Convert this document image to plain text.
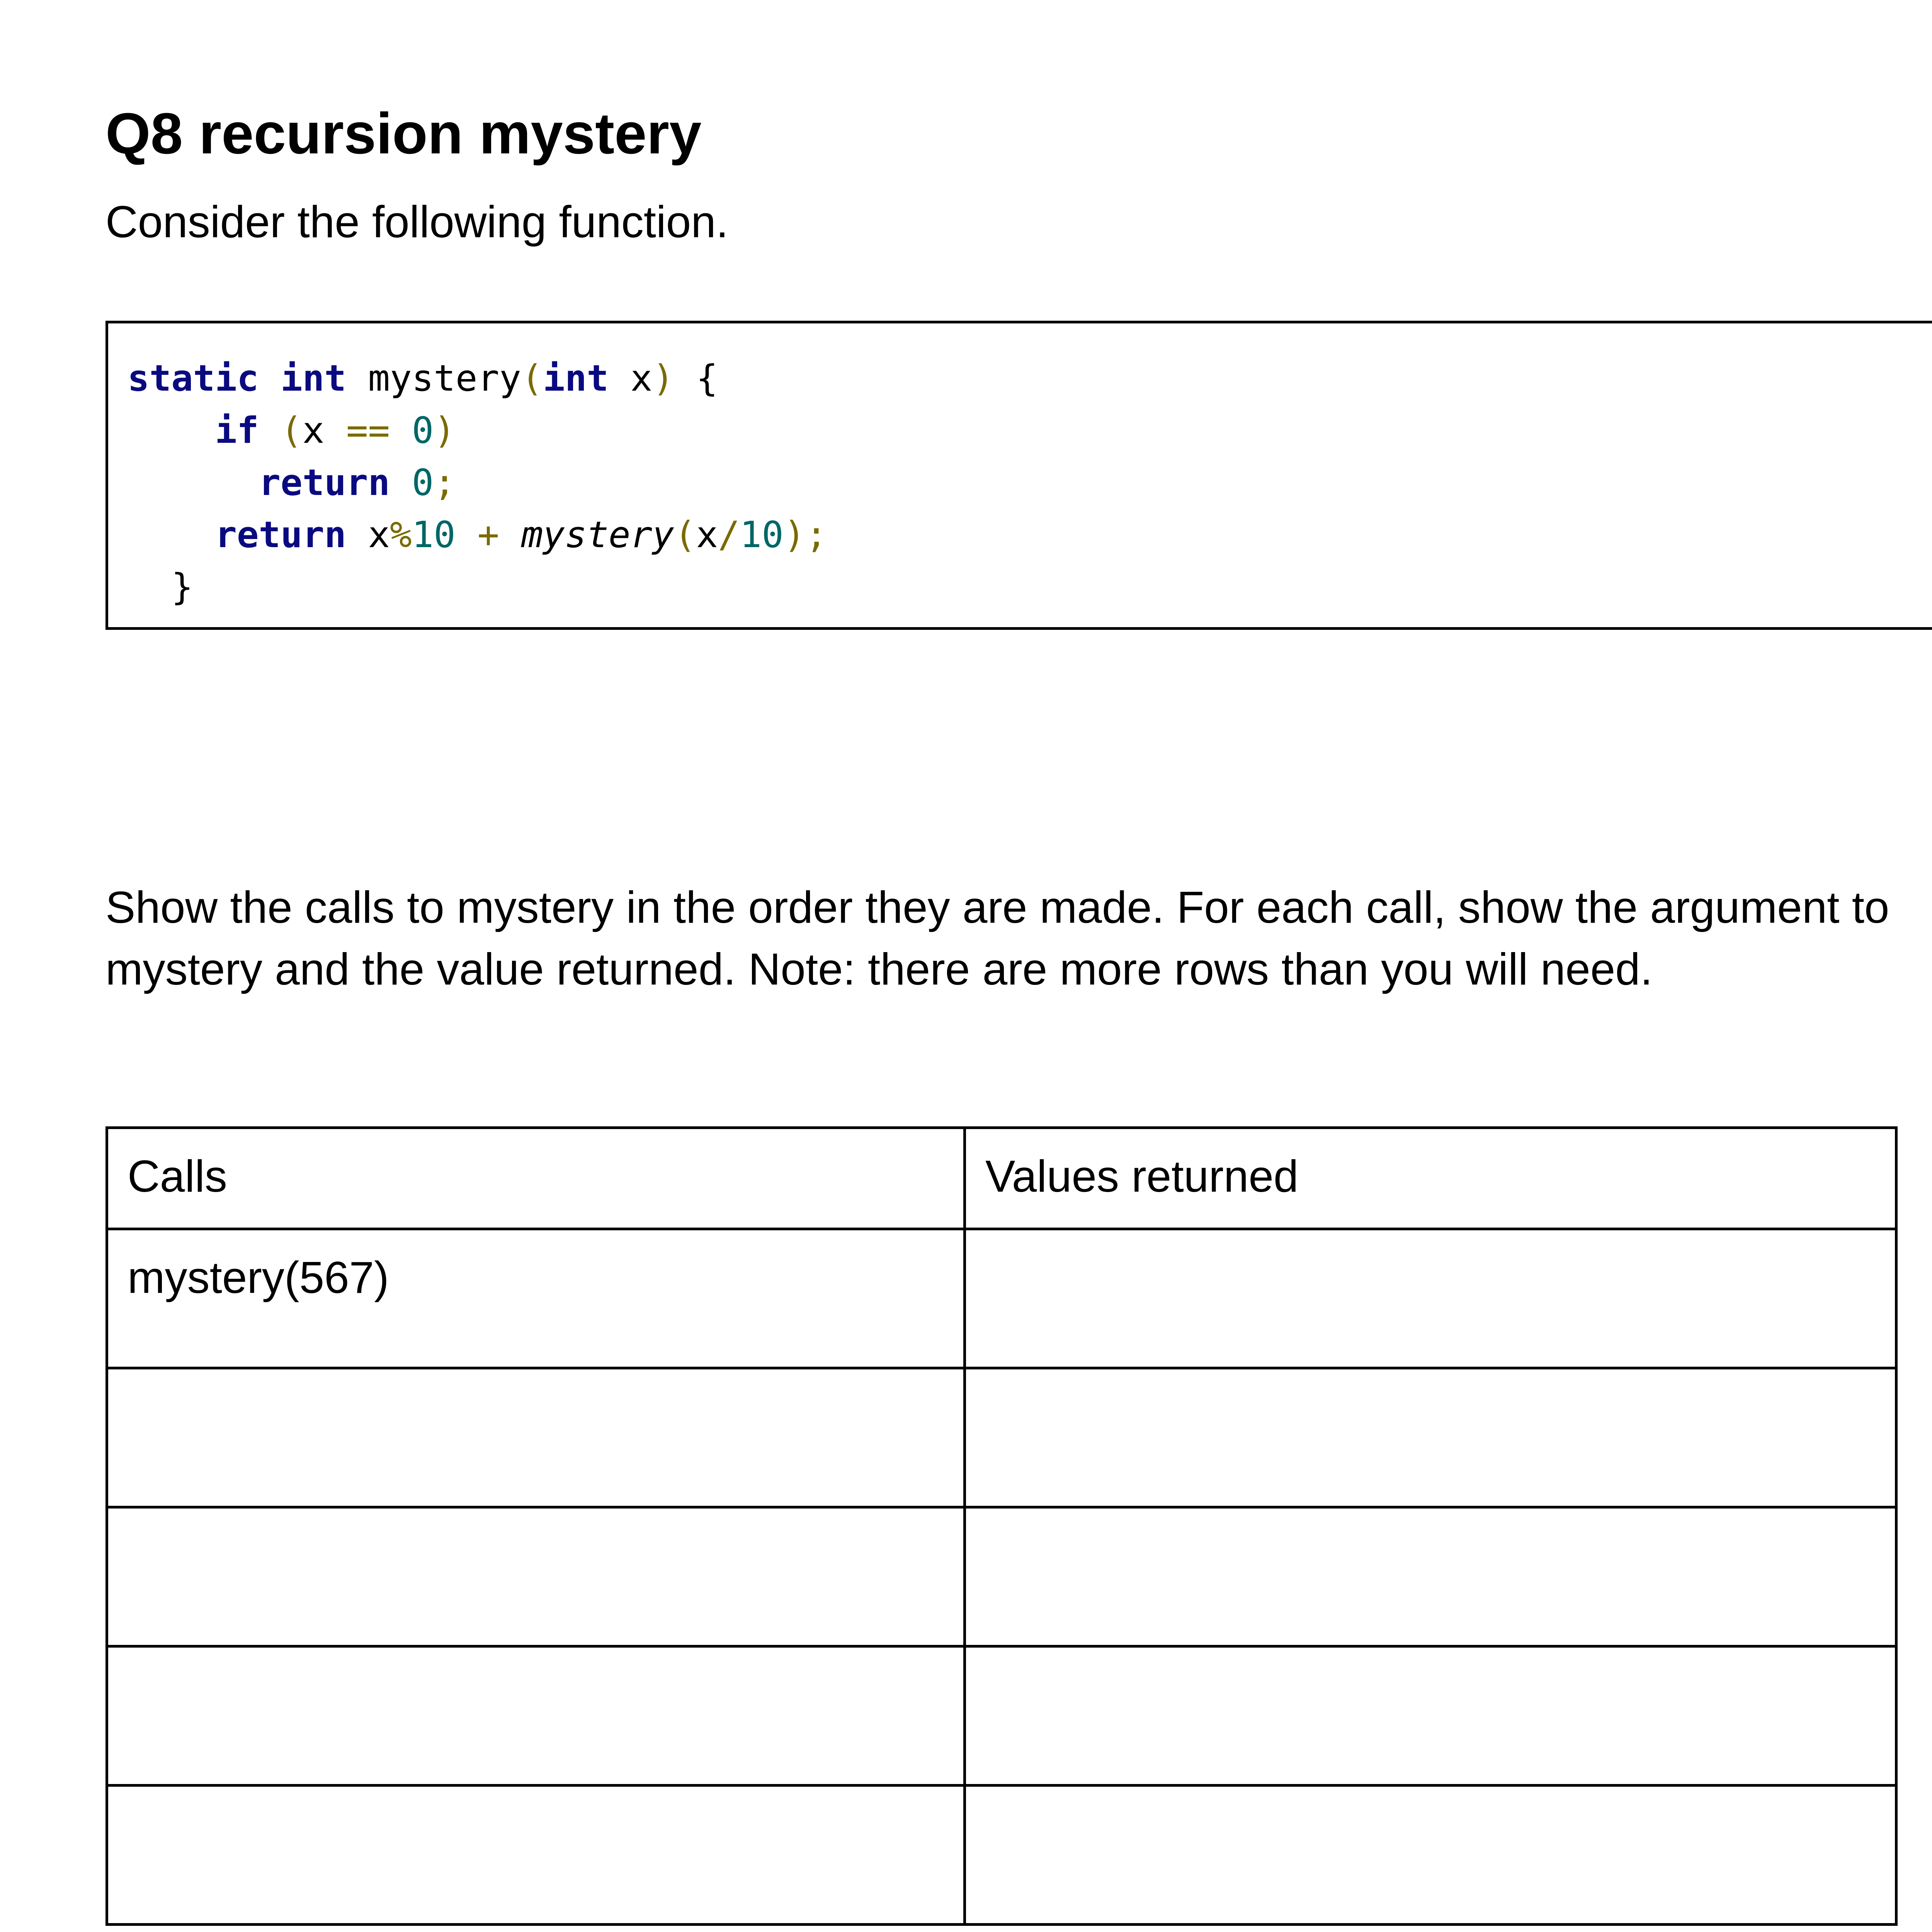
Q8 recursion mystery

Consider the following function.

static int mystery(int x) {
if (x == 0)
return 0;
return x%10 + mystery(x/10);
}

Show the calls to mystery in the order they are made. For each call, show the argument to mystery and the value returned. Note: there are more rows than you will need.

Calls	Values returned
mystery(567)	
